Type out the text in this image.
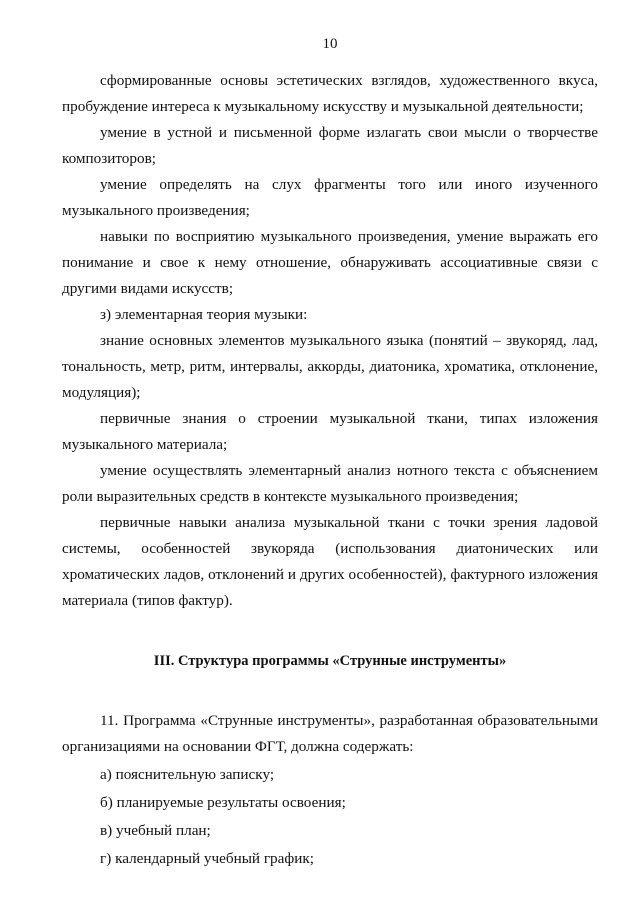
10

сформированные основы эстетических взглядов, художественного вкуса, пробуждение интереса к музыкальному искусству и музыкальной деятельности;

умение в устной и письменной форме излагать свои мысли о творчестве композиторов;

умение определять на слух фрагменты того или иного изученного музыкального произведения;

навыки по восприятию музыкального произведения, умение выражать его понимание и свое к нему отношение, обнаруживать ассоциативные связи с другими видами искусств;

з) элементарная теория музыки:

знание основных элементов музыкального языка (понятий – звукоряд, лад, тональность, метр, ритм, интервалы, аккорды, диатоника, хроматика, отклонение, модуляция);

первичные знания о строении музыкальной ткани, типах изложения музыкального материала;

умение осуществлять элементарный анализ нотного текста с объяснением роли выразительных средств в контексте музыкального произведения;

первичные навыки анализа музыкальной ткани с точки зрения ладовой системы, особенностей звукоряда (использования диатонических или хроматических ладов, отклонений и других особенностей), фактурного изложения материала (типов фактур).

III. Структура программы «Струнные инструменты»

11. Программа «Струнные инструменты», разработанная образовательными организациями на основании ФГТ, должна содержать:

а) пояснительную записку;

б) планируемые результаты освоения;

в) учебный план;

г) календарный учебный график;
